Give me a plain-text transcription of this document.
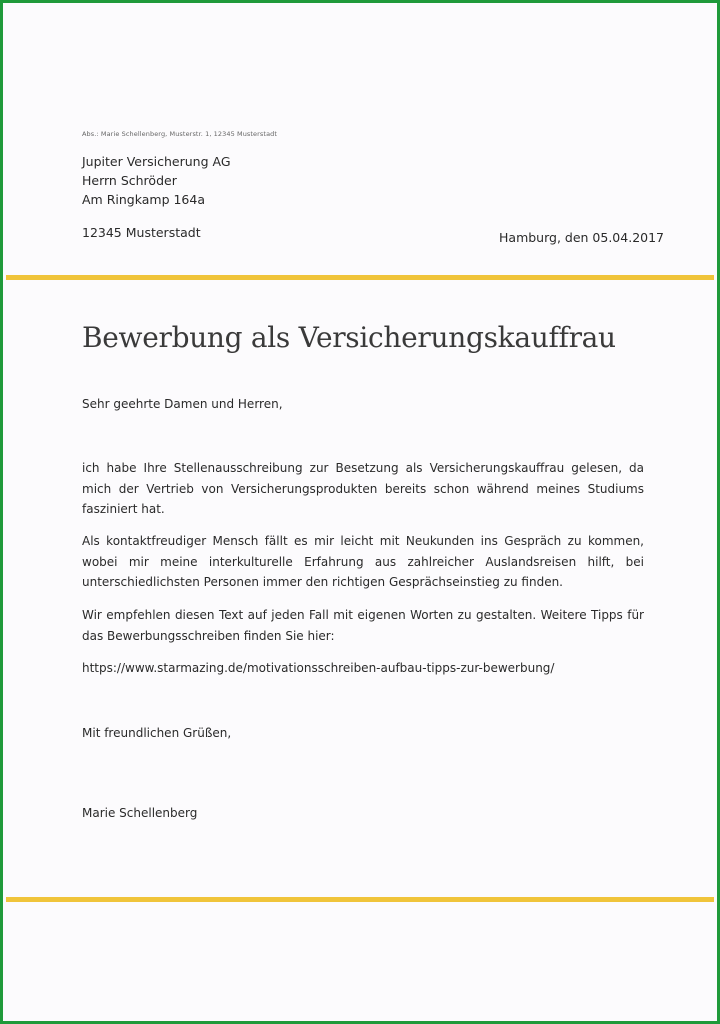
Abs.: Marie Schellenberg, Musterstr. 1, 12345 Musterstadt
Jupiter Versicherung AG
Herrn Schröder
Am Ringkamp 164a
12345 Musterstadt	Hamburg, den 05.04.2017
Bewerbung als Versicherungskauffrau
Sehr geehrte Damen und Herren,
ich habe Ihre Stellenausschreibung zur Besetzung als Versicherungskauffrau gelesen, da mich der Vertrieb von Versicherungsprodukten bereits schon während meines Studiums fasziniert hat.
Als kontaktfreudiger Mensch fällt es mir leicht mit Neukunden ins Gespräch zu kommen, wobei mir meine interkulturelle Erfahrung aus zahlreicher Auslandsreisen hilft, bei unterschiedlichsten Personen immer den richtigen Gesprächseinstieg zu finden.
Wir empfehlen diesen Text auf jeden Fall mit eigenen Worten zu gestalten. Weitere Tipps für das Bewerbungsschreiben finden Sie hier:
https://www.starmazing.de/motivationsschreiben-aufbau-tipps-zur-bewerbung/
Mit freundlichen Grüßen,
Marie Schellenberg
